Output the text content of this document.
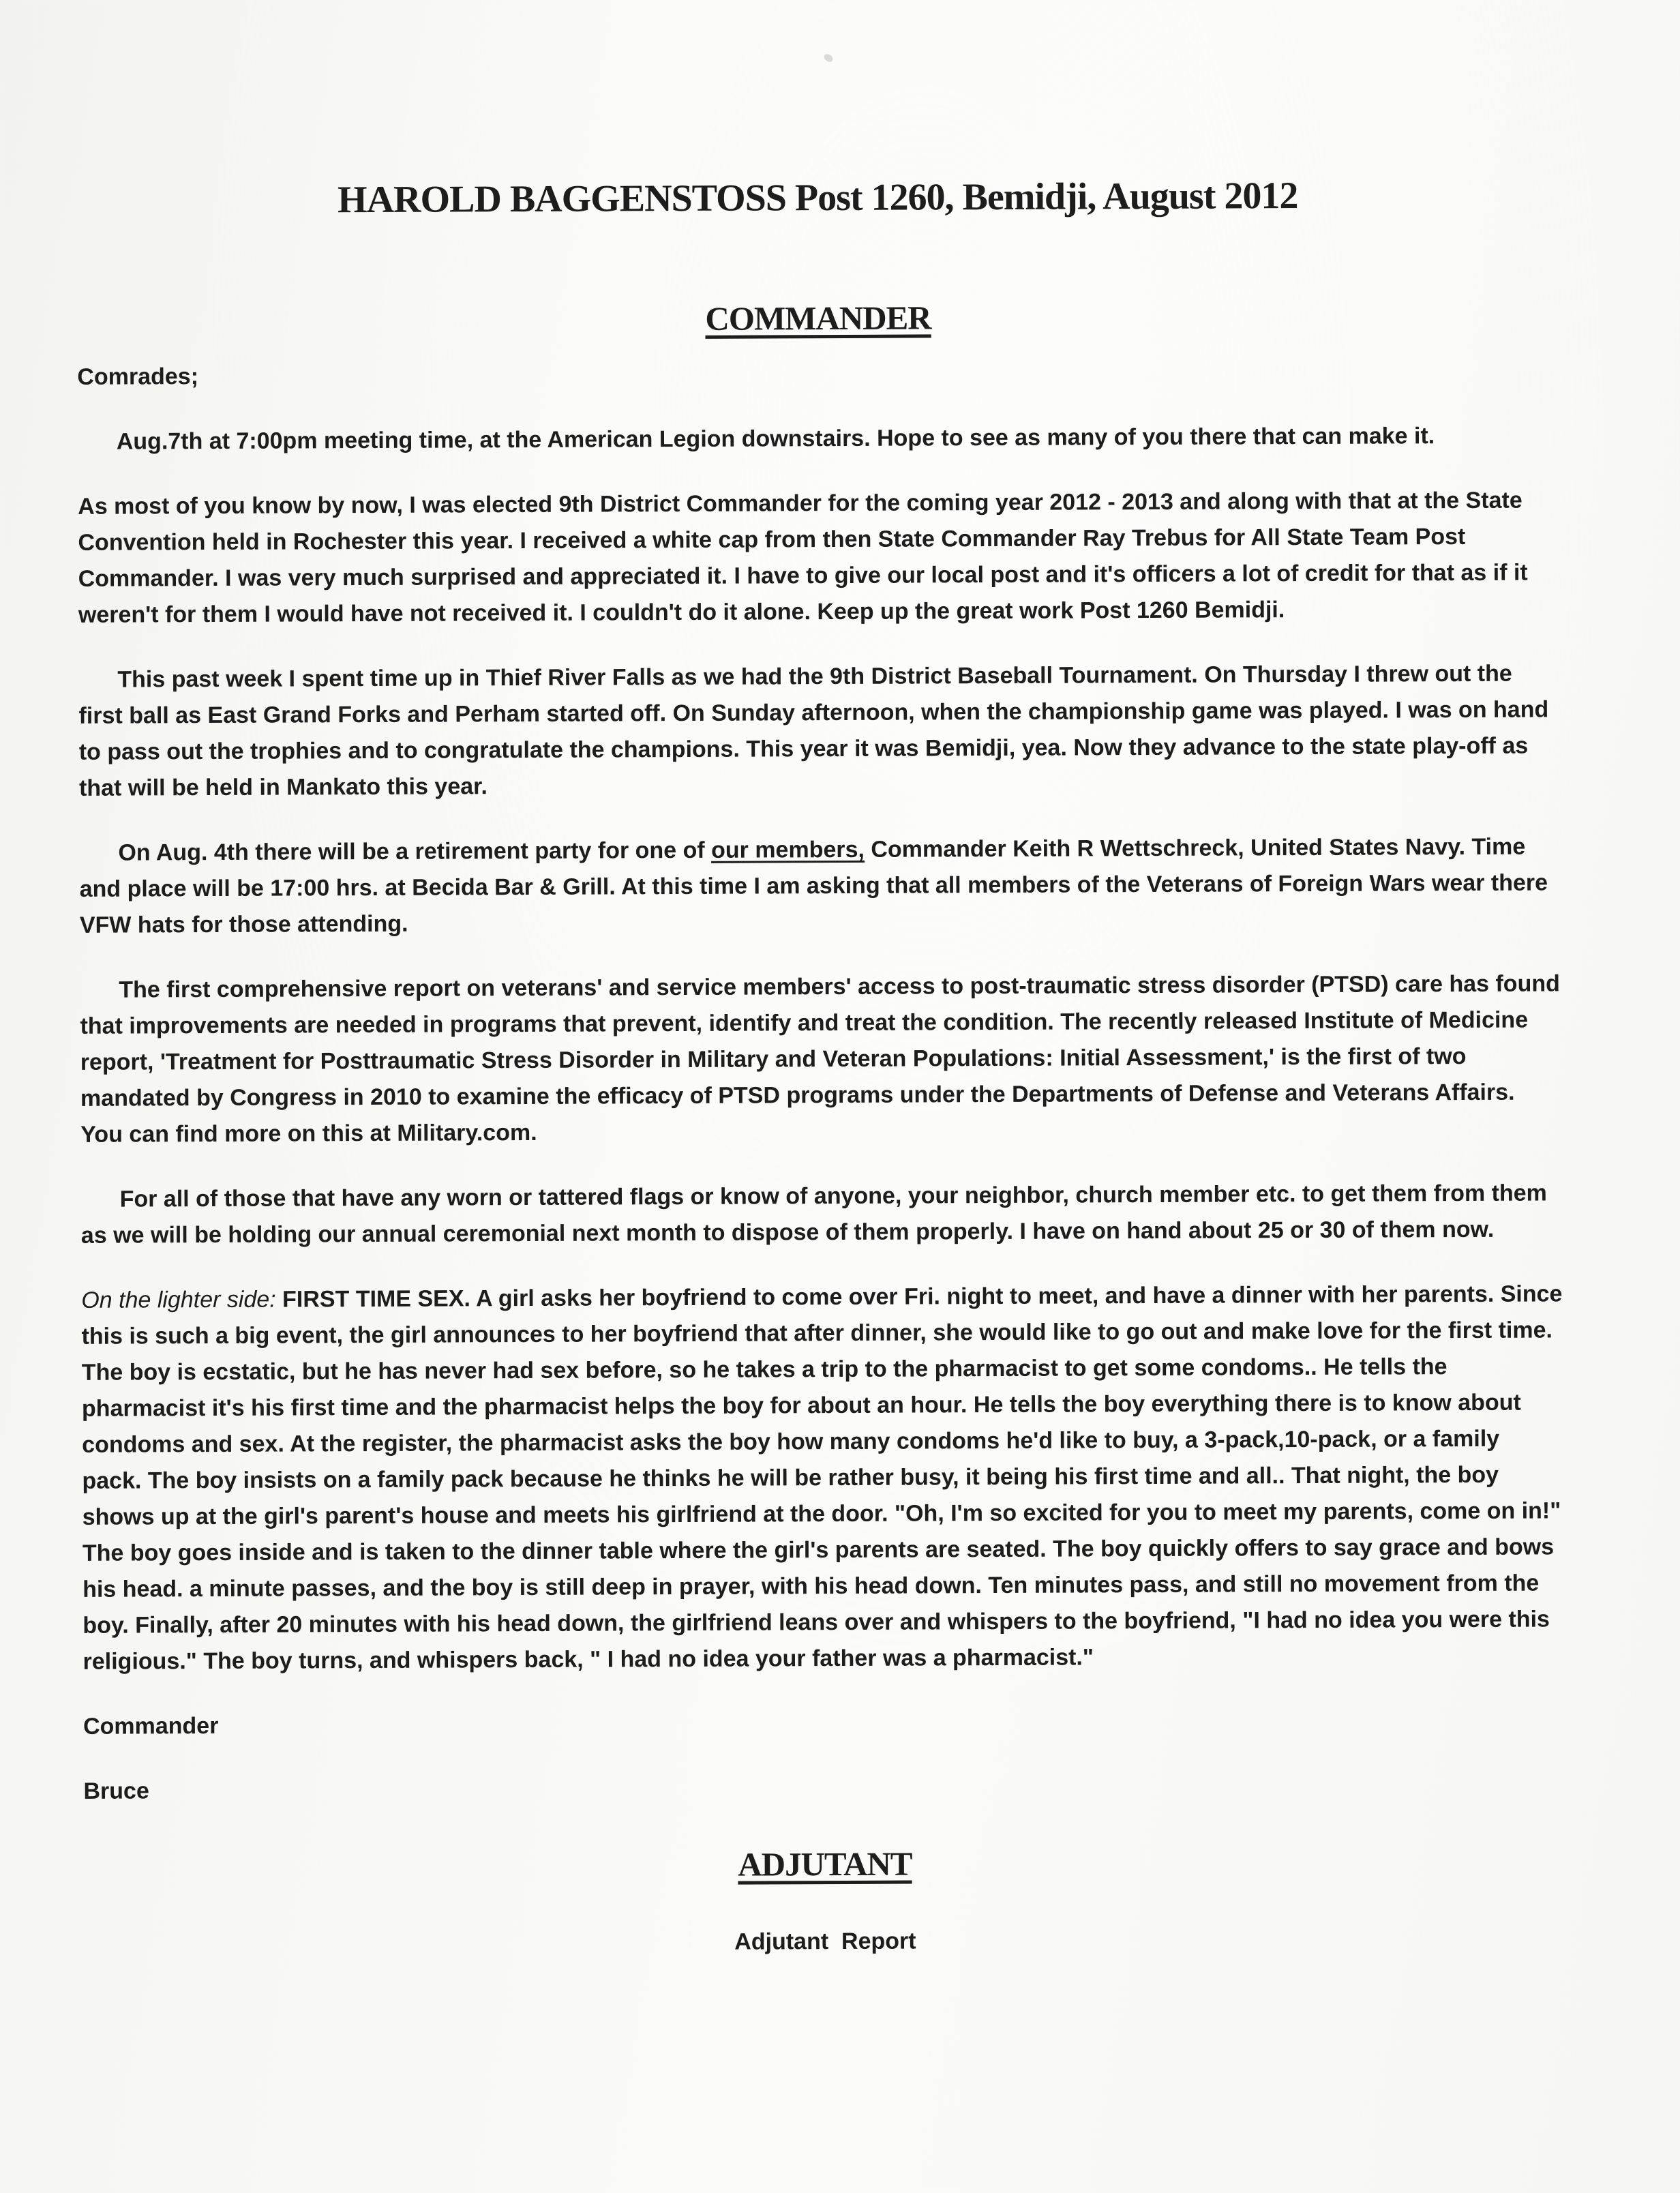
HAROLD BAGGENSTOSS Post 1260, Bemidji, August 2012
COMMANDER
Comrades;

Aug.7th at 7:00pm meeting time, at the American Legion downstairs. Hope to see as many of you there that can make it.

As most of you know by now, I was elected 9th District Commander for the coming year 2012 - 2013 and along with that at the State Convention held in Rochester this year. I received a white cap from then State Commander Ray Trebus for All State Team Post Commander. I was very much surprised and appreciated it. I have to give our local post and it's officers a lot of credit for that as if it weren't for them I would have not received it. I couldn't do it alone. Keep up the great work Post 1260 Bemidji.

This past week I spent time up in Thief River Falls as we had the 9th District Baseball Tournament. On Thursday I threw out the first ball as East Grand Forks and Perham started off. On Sunday afternoon, when the championship game was played. I was on hand to pass out the trophies and to congratulate the champions. This year it was Bemidji, yea. Now they advance to the state play-off as that will be held in Mankato this year.

On Aug. 4th there will be a retirement party for one of our members, Commander Keith R Wettschreck, United States Navy. Time and place will be 17:00 hrs. at Becida Bar & Grill. At this time I am asking that all members of the Veterans of Foreign Wars wear there VFW hats for those attending.

The first comprehensive report on veterans' and service members' access to post-traumatic stress disorder (PTSD) care has found that improvements are needed in programs that prevent, identify and treat the condition. The recently released Institute of Medicine report, 'Treatment for Posttraumatic Stress Disorder in Military and Veteran Populations: Initial Assessment,' is the first of two mandated by Congress in 2010 to examine the efficacy of PTSD programs under the Departments of Defense and Veterans Affairs. You can find more on this at Military.com.

For all of those that have any worn or tattered flags or know of anyone, your neighbor, church member etc. to get them from them as we will be holding our annual ceremonial next month to dispose of them properly. I have on hand about 25 or 30 of them now.

On the lighter side: FIRST TIME SEX. A girl asks her boyfriend to come over Fri. night to meet, and have a dinner with her parents. Since this is such a big event, the girl announces to her boyfriend that after dinner, she would like to go out and make love for the first time. The boy is ecstatic, but he has never had sex before, so he takes a trip to the pharmacist to get some condoms.. He tells the pharmacist it's his first time and the pharmacist helps the boy for about an hour. He tells the boy everything there is to know about condoms and sex. At the register, the pharmacist asks the boy how many condoms he'd like to buy, a 3-pack,10-pack, or a family pack. The boy insists on a family pack because he thinks he will be rather busy, it being his first time and all.. That night, the boy shows up at the girl's parent's house and meets his girlfriend at the door. "Oh, I'm so excited for you to meet my parents, come on in!" The boy goes inside and is taken to the dinner table where the girl's parents are seated. The boy quickly offers to say grace and bows his head. a minute passes, and the boy is still deep in prayer, with his head down. Ten minutes pass, and still no movement from the boy. Finally, after 20 minutes with his head down, the girlfriend leans over and whispers to the boyfriend, "I had no idea you were this religious." The boy turns, and whispers back, " I had no idea your father was a pharmacist."

Commander
Bruce
ADJUTANT
Adjutant  Report
